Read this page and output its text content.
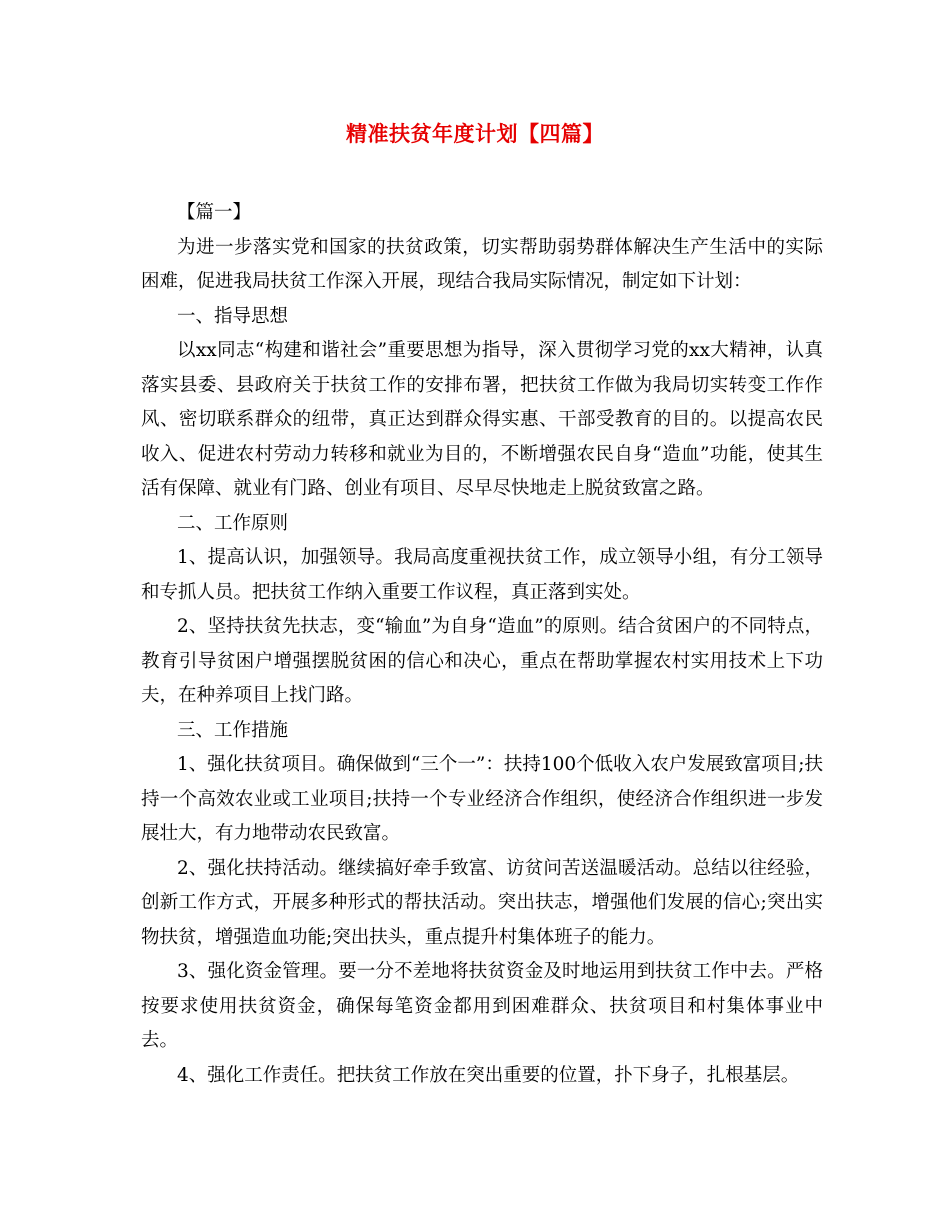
精准扶贫年度计划【四篇】

【篇一】

为进一步落实党和国家的扶贫政策，切实帮助弱势群体解决生产生活中的实际困难，促进我局扶贫工作深入开展，现结合我局实际情况，制定如下计划：

一、指导思想

以xx同志“构建和谐社会”重要思想为指导，深入贯彻学习党的xx大精神，认真落实县委、县政府关于扶贫工作的安排布署，把扶贫工作做为我局切实转变工作作风、密切联系群众的纽带，真正达到群众得实惠、干部受教育的目的。以提高农民收入、促进农村劳动力转移和就业为目的，不断增强农民自身“造血”功能，使其生活有保障、就业有门路、创业有项目、尽早尽快地走上脱贫致富之路。

二、工作原则

1、提高认识，加强领导。我局高度重视扶贫工作，成立领导小组，有分工领导和专抓人员。把扶贫工作纳入重要工作议程，真正落到实处。

2、坚持扶贫先扶志，变“输血”为自身“造血”的原则。结合贫困户的不同特点，教育引导贫困户增强摆脱贫困的信心和决心，重点在帮助掌握农村实用技术上下功夫，在种养项目上找门路。

三、工作措施

1、强化扶贫项目。确保做到“三个一”：扶持100个低收入农户发展致富项目;扶持一个高效农业或工业项目;扶持一个专业经济合作组织，使经济合作组织进一步发展壮大，有力地带动农民致富。

2、强化扶持活动。继续搞好牵手致富、访贫问苦送温暖活动。总结以往经验，创新工作方式，开展多种形式的帮扶活动。突出扶志，增强他们发展的信心;突出实物扶贫，增强造血功能;突出扶头，重点提升村集体班子的能力。

3、强化资金管理。要一分不差地将扶贫资金及时地运用到扶贫工作中去。严格按要求使用扶贫资金，确保每笔资金都用到困难群众、扶贫项目和村集体事业中去。

4、强化工作责任。把扶贫工作放在突出重要的位置，扑下身子，扎根基层。
